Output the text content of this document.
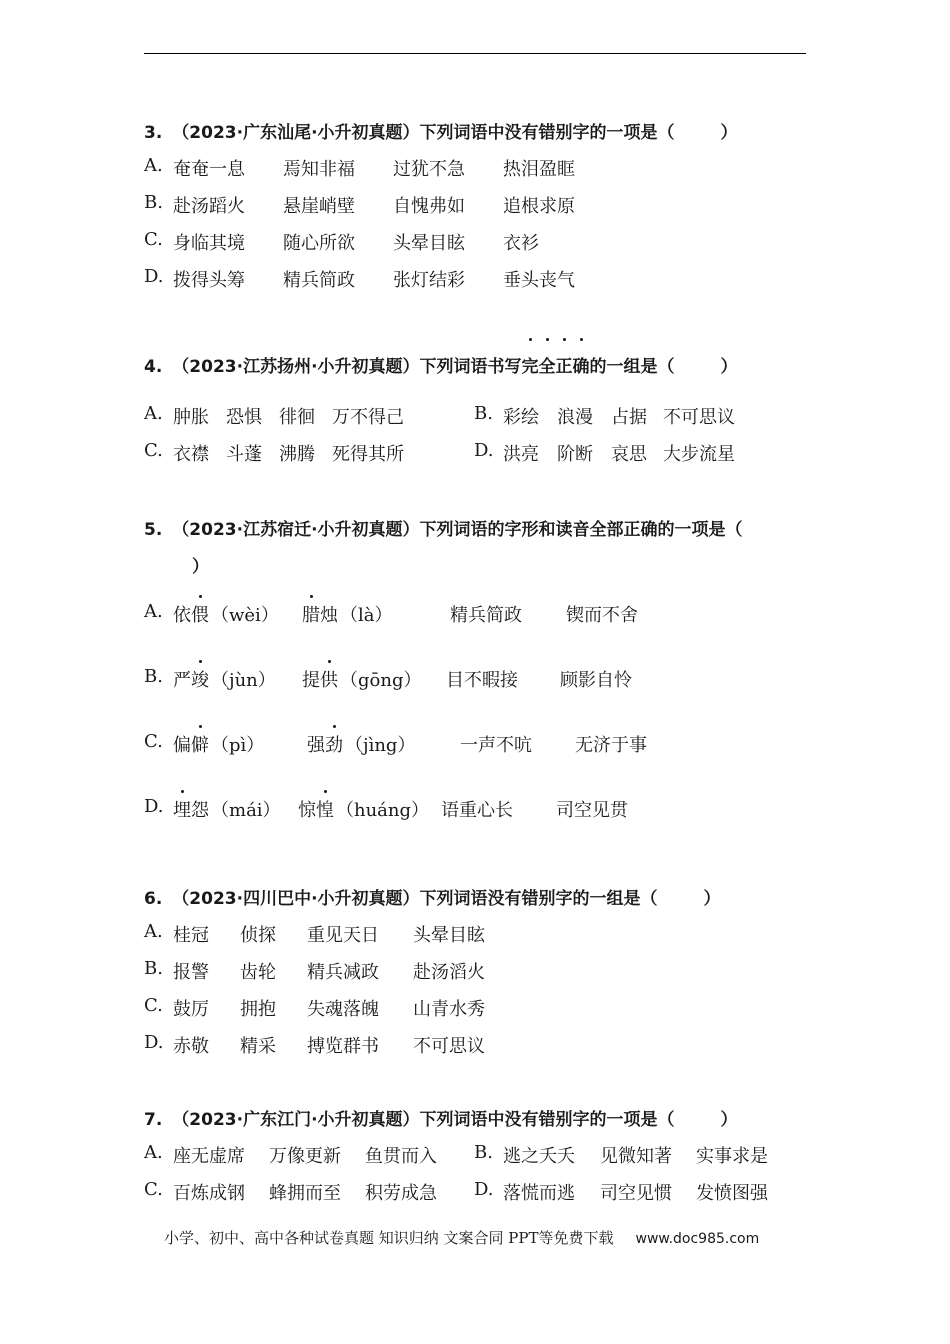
3. （2023·广东汕尾·小升初真题）下列词语中没有错别字的一项是（	）
A. 奄奄一息 焉知非福 过犹不急 热泪盈眶
B. 赴汤蹈火 悬崖峭壁 自愧弗如 追根求原
C. 身临其境 随心所欲 头晕目眩 衣衫
D. 拨得头筹 精兵简政 张灯结彩 垂头丧气
4. （2023·江苏扬州·小升初真题）下列词语书写完全正确的一组是（	）
A. 肿胀 恐惧 徘徊 万不得己	B. 彩绘 浪漫 占据 不可思议
C. 衣襟 斗蓬 沸腾 死得其所	D. 洪亮 阶断 哀思 大步流星
5. （2023·江苏宿迁·小升初真题）下列词语的字形和读音全部正确的一项是（
）
A. 依偎 （wèi） 腊烛 （là）	精兵简政 锲而不舍
B. 严竣 （jùn） 提供 （gōng） 目不暇接 顾影自怜
C. 偏僻 （pì） 强劲 （jìng） 一声不吭 无济于事
D. 埋怨 （mái） 惊惶 （huáng） 语重心长 司空见贯
6. （2023·四川巴中·小升初真题）下列词语没有错别字的一组是（	）
A. 桂冠 侦探 重见天日 头晕目眩
B. 报警 齿轮 精兵减政 赴汤滔火
C. 鼓厉 拥抱 失魂落魄 山青水秀
D. 赤敬 精采 搏览群书 不可思议
7. （2023·广东江门·小升初真题）下列词语中没有错别字的一项是（	）
A. 座无虚席 万像更新 鱼贯而入 B. 逃之夭夭 见微知著 实事求是
C. 百炼成钢 蜂拥而至 积劳成急 D. 落慌而逃 司空见惯 发愤图强
小学、初中、高中各种试卷真题 知识归纳 文案合同 PPT等免费下载 www.doc985.com
